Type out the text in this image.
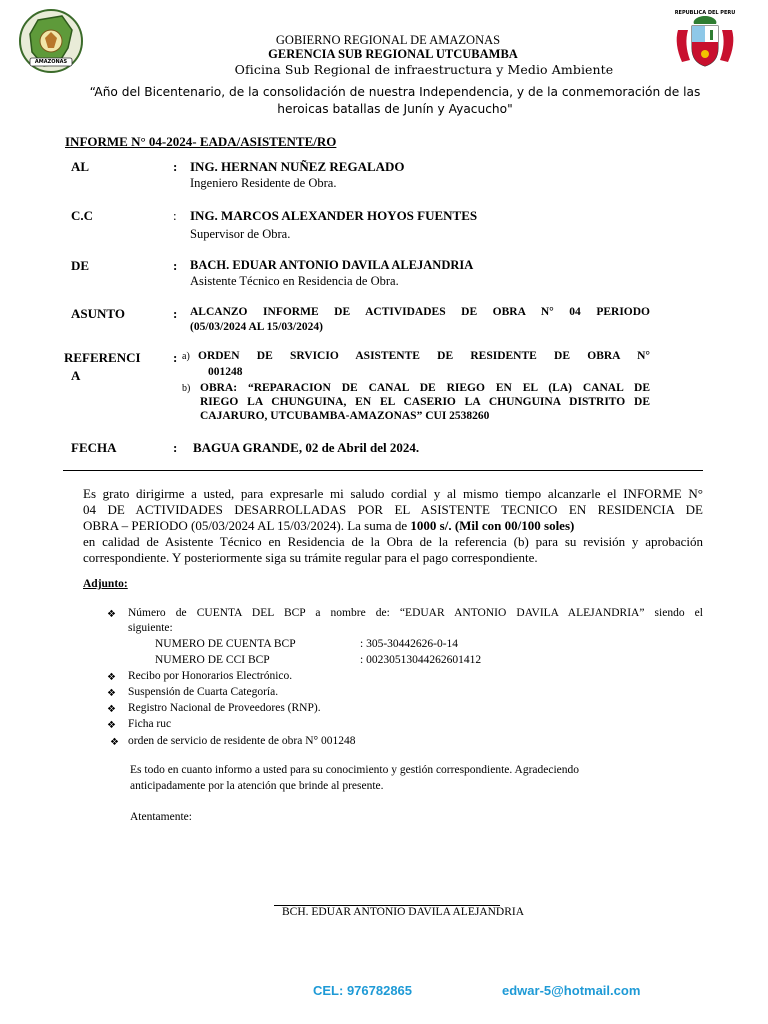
AMAZONAS
REPUBLICA DEL PERU
GOBIERNO REGIONAL DE AMAZONAS
GERENCIA SUB REGIONAL UTCUBAMBA
Oficina Sub Regional de infraestructura y Medio Ambiente
“Año del Bicentenario, de la consolidación de nuestra Independencia, y de la conmemoración de las heroicas batallas de Junín y Ayacucho"
INFORME N° 04-2024- EADA/ASISTENTE/RO
AL	: ING. HERNAN NUÑEZ REGALADO
Ingeniero Residente de Obra.
C.C	: ING. MARCOS ALEXANDER HOYOS FUENTES
Supervisor de Obra.
DE	: BACH. EDUAR ANTONIO DAVILA ALEJANDRIA
Asistente Técnico en Residencia de Obra.
ASUNTO	: ALCANZO INFORME DE ACTIVIDADES DE OBRA N° 04 PERIODO
(05/03/2024 AL 15/03/2024)
REFERENCI
A
: a) ORDEN DE SRVICIO ASISTENTE DE RESIDENTE DE OBRA N°
001248
b) OBRA: “REPARACION DE CANAL DE RIEGO EN EL (LA) CANAL DE
RIEGO LA CHUNGUINA, EN EL CASERIO LA CHUNGUINA DISTRITO DE
CAJARURO, UTCUBAMBA-AMAZONAS” CUI 2538260
FECHA	: BAGUA GRANDE, 02 de Abril del 2024.
Es grato dirigirme a usted, para expresarle mi saludo cordial y al mismo tiempo alcanzarle el INFORME N°
04 DE ACTIVIDADES DESARROLLADAS POR EL ASISTENTE TECNICO EN RESIDENCIA DE
OBRA – PERIODO (05/03/2024 AL 15/03/2024). La suma de 1000 s/. (Mil con 00/100 soles)
en calidad de Asistente Técnico en Residencia de la Obra de la referencia (b) para su revisión y aprobación
correspondiente. Y posteriormente siga su trámite regular para el pago correspondiente.
Adjunto:
❖ Número de CUENTA DEL BCP a nombre de: “EDUAR ANTONIO DAVILA ALEJANDRIA” siendo el
siguiente:
NUMERO DE CUENTA BCP	: 305-30442626-0-14
NUMERO DE CCI BCP	: 00230513044262601412
❖ Recibo por Honorarios Electrónico.
❖ Suspensión de Cuarta Categoría.
❖ Registro Nacional de Proveedores (RNP).
❖ Ficha ruc
❖ orden de servicio de residente de obra N° 001248
Es todo en cuanto informo a usted para su conocimiento y gestión correspondiente. Agradeciendo
anticipadamente por la atención que brinde al presente.
Atentamente:
BCH. EDUAR ANTONIO DAVILA ALEJANDRIA
CEL: 976782865	edwar-5@hotmail.com
